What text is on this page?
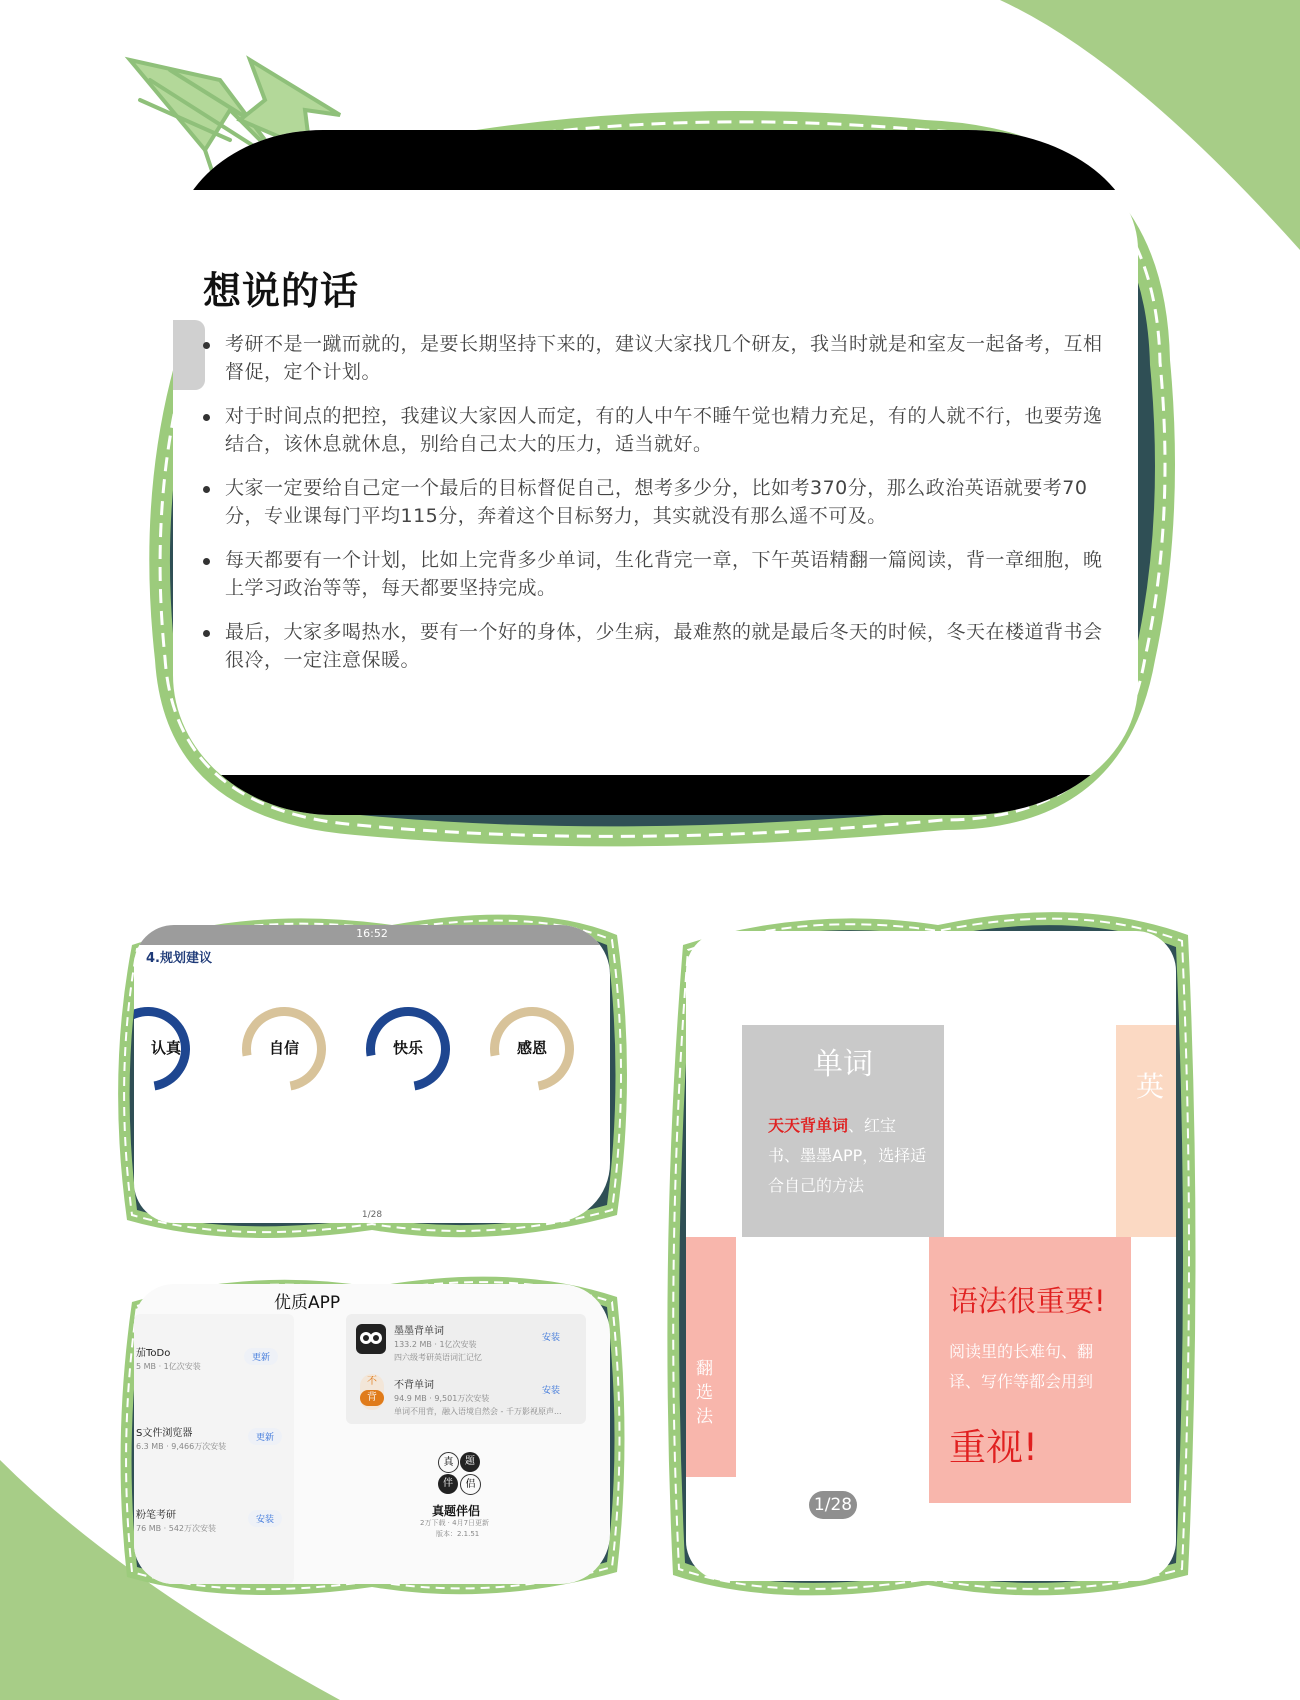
想说的话
考研不是一蹴而就的，是要长期坚持下来的，建议大家找几个研友，我当时就是和室友一起备考，互相督促，定个计划。
对于时间点的把控，我建议大家因人而定，有的人中午不睡午觉也精力充足，有的人就不行，也要劳逸结合，该休息就休息，别给自己太大的压力，适当就好。
大家一定要给自己定一个最后的目标督促自己，想考多少分，比如考370分，那么政治英语就要考70分，专业课每门平均115分，奔着这个目标努力，其实就没有那么遥不可及。
每天都要有一个计划，比如上完背多少单词，生化背完一章，下午英语精翻一篇阅读，背一章细胞，晚上学习政治等等，每天都要坚持完成。
最后，大家多喝热水，要有一个好的身体，少生病，最难熬的就是最后冬天的时候，冬天在楼道背书会很冷，一定注意保暖。
16:52
4.规划建议
认真	自信	快乐	感恩
1/28
优质APP
茄ToDo
5 MB · 1亿次安装
更新
S文件浏览器
6.3 MB · 9,466万次安装
更新
粉笔考研
76 MB · 542万次安装
安装
墨墨背单词
133.2 MB · 1亿次安装
四六级考研英语词汇记忆
安装
不
背
不背单词
94.9 MB · 9,501万次安装
单词不用背，融入语境自然会 - 千万影视原声...
安装
真	题
伴	侣
真题伴侣
2万下载 · 4月7日更新
版本：2.1.51
单词
天天背单词、红宝书、墨墨APP，选择适合自己的方法
英
翻选法
语法很重要!
阅读里的长难句、翻译、写作等都会用到
重视!
1/28
